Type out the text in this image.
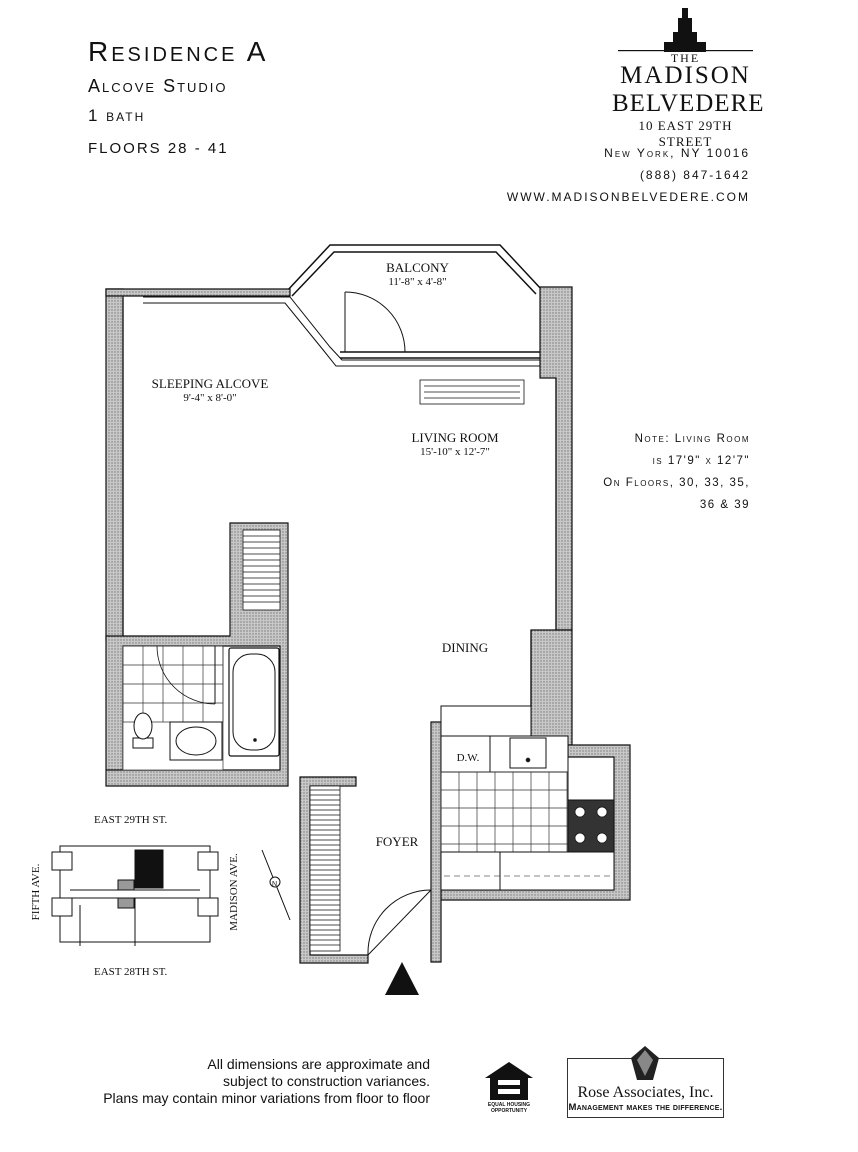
Residence A
Alcove Studio
1 bath
FLOORS 28 - 41
THE
MADISON
BELVEDERE
10 EAST 29TH STREET
New York, NY 10016
(888) 847-1642
WWW.MADISONBELVEDERE.COM
N
BALCONY
11'-8" x 4'-8"
SLEEPING ALCOVE
9'-4" x 8'-0"
LIVING ROOM
15'-10" x 12'-7"
DINING
FOYER
D.W.
Note: Living Room
is 17'9" x 12'7"
On Floors, 30, 33, 35,
36 & 39
EAST 29TH ST.
EAST 28TH ST.
FIFTH AVE.	MADISON AVE.
All dimensions are approximate and
subject to construction variances.
Plans may contain minor variations from floor to floor	EQUAL HOUSING
OPPORTUNITY
Rose Associates, Inc.
Management makes the difference.
